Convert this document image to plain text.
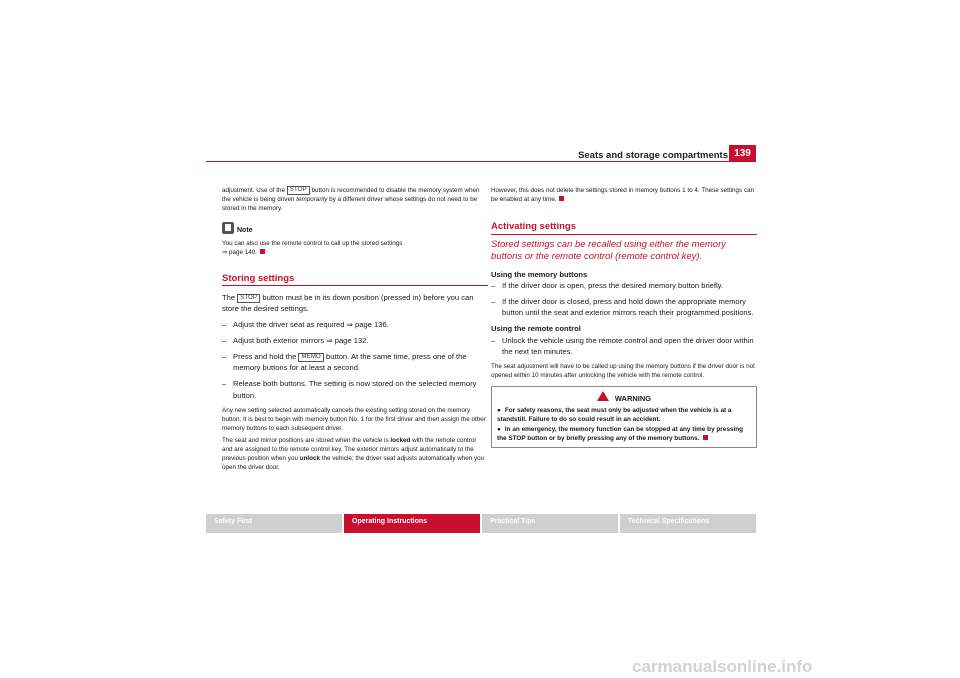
Seats and storage compartments 139

adjustment. Use of the STOP button is recommended to disable the memory system when the vehicle is being driven temporarily by a different driver whose settings do not need to be stored in the memory.

Note

You can also use the remote control to call up the stored settings

⇒ page 140.

Storing settings

The STOP button must be in its down position (pressed in) before you can store the desired settings.

– Adjust the driver seat as required ⇒ page 136.
– Adjust both exterior mirrors ⇒ page 132.
– Press and hold the MEMO button. At the same time, press one of the memory buttons for at least a second.
– Release both buttons. The setting is now stored on the selected memory button.

Any new setting selected automatically cancels the existing setting stored on the memory button. It is best to begin with memory button No. 1 for the first driver and then assign the other memory buttons to each subsequent driver.

The seat and mirror positions are stored when the vehicle is locked with the remote control and are assigned to the remote control key. The exterior mirrors adjust automatically to the previous position when you unlock the vehicle; the driver seat adjusts automatically when you open the driver door.

However, this does not delete the settings stored in memory buttons 1 to 4. These settings can be enabled at any time.

Activating settings
Stored settings can be recalled using either the memory buttons or the remote control (remote control key).
Using the memory buttons
– If the driver door is open, press the desired memory button briefly.
– If the driver door is closed, press and hold down the appropriate memory button until the seat and exterior mirrors reach their programmed positions.
Using the remote control
– Unlock the vehicle using the remote control and open the driver door within the next ten minutes.

The seat adjustment will have to be called up using the memory buttons if the driver door is not opened within 10 minutes after unlocking the vehicle with the remote control.

WARNING
● For safety reasons, the seat must only be adjusted when the vehicle is at a standstill. Failure to do so could result in an accident.
● In an emergency, the memory function can be stopped at any time by pressing the STOP button or by briefly pressing any of the memory buttons.
Safety First	Operating Instructions	Practical Tips	Technical Specifications
carmanualsonline.info
